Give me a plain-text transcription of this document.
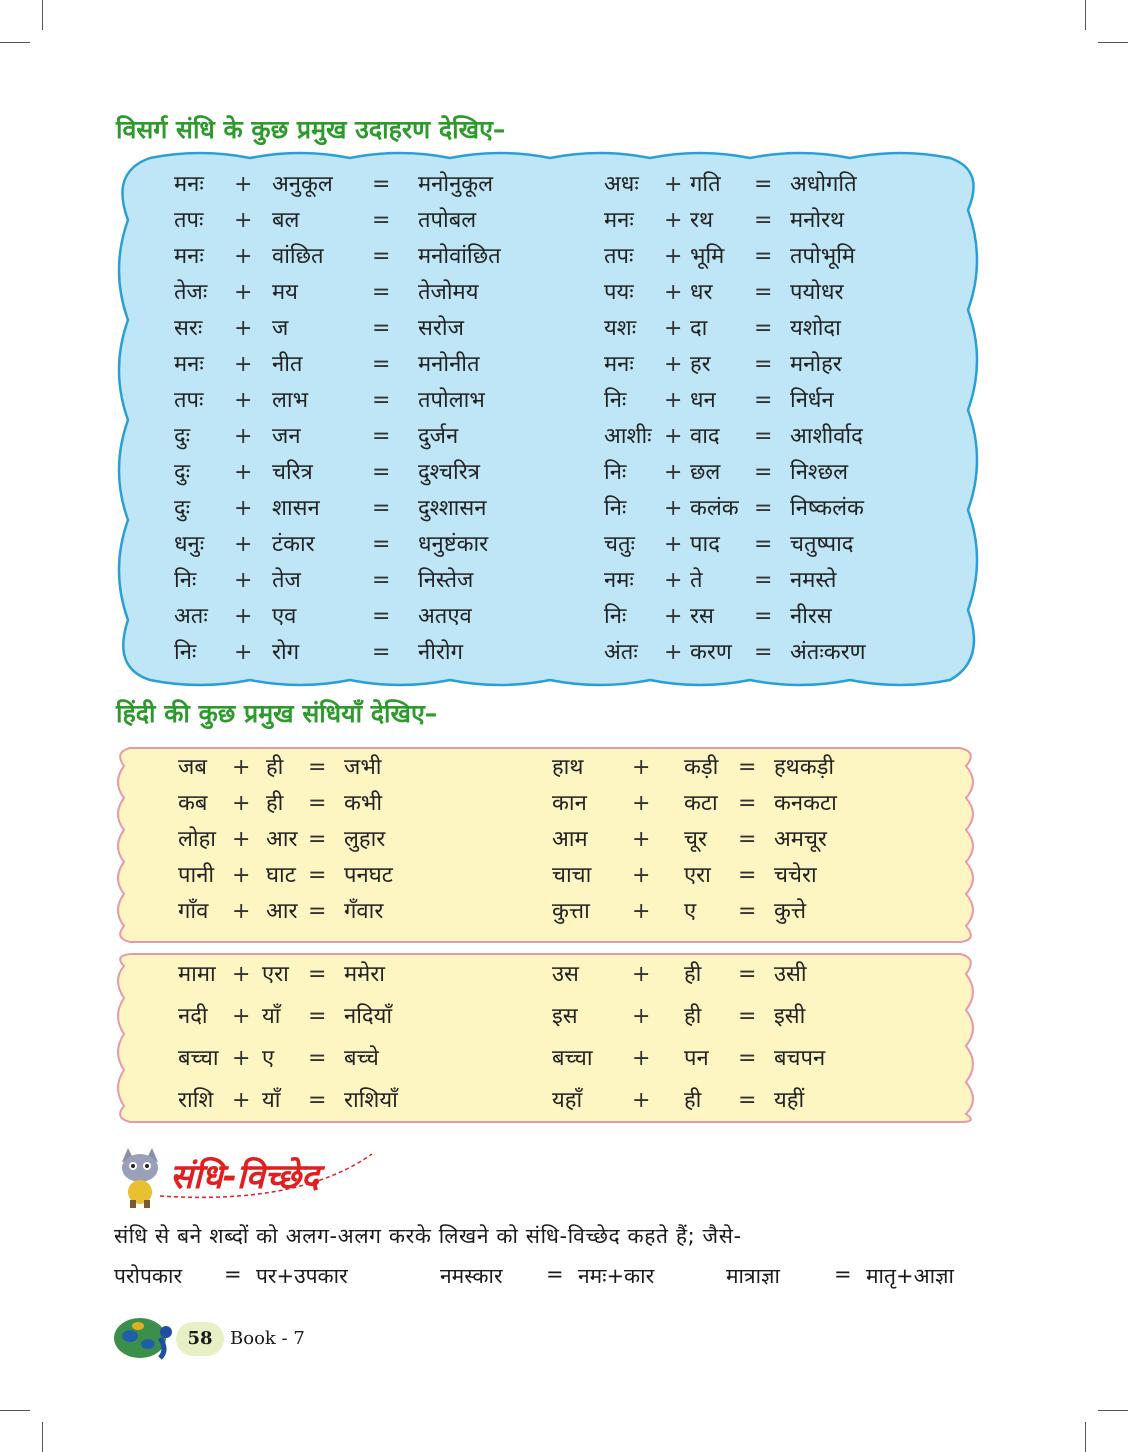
विसर्ग संधि के कुछ प्रमुख उदाहरण देखिए–
मनः + अनुकूल = मनोनुकूल	अधः + गति = अधोगति
तपः + बल	= तपोबल	मनः + रथ = मनोरथ
मनः + वांछित = मनोवांछित	तपः + भूमि = तपोभूमि
तेजः + मय	= तेजोमय	पयः + धर = पयोधर
सरः + ज	= सरोज	यशः + दा = यशोदा
मनः + नीत	= मनोनीत	मनः + हर = मनोहर
तपः + लाभ	= तपोलाभ	निः + धन = निर्धन
दुः + जन	= दुर्जन	आशीः + वाद = आशीर्वाद
दुः + चरित्र	= दुश्चरित्र	निः + छल = निश्छल
दुः + शासन = दुश्शासन	निः + कलंक = निष्कलंक
धनुः + टंकार	= धनुष्टंकार	चतुः + पाद = चतुष्पाद
निः + तेज	= निस्तेज	नमः + ते = नमस्ते
अतः + एव	= अतएव	निः + रस = नीरस
निः + रोग	= नीरोग	अंतः + करण = अंतःकरण
हिंदी की कुछ प्रमुख संधियाँ देखिए–
जब + ही = जभी	हाथ + कड़ी = हथकड़ी
कब + ही = कभी	कान + कटा = कनकटा
लोहा + आर = लुहार	आम + चूर = अमचूर
पानी + घाट = पनघट	चाचा + एरा = चचेरा
गाँव + आर = गँवार	कुत्ता + ए = कुत्ते
मामा + एरा = ममेरा	उस + ही = उसी
नदी + याँ = नदियाँ	इस + ही = इसी
बच्चा + ए = बच्चे	बच्चा + पन = बचपन
राशि + याँ = राशियाँ	यहाँ + ही = यहीं
संधि-विच्छेद

संधि से बने शब्दों को अलग-अलग करके लिखने को संधि-विच्छेद कहते हैं; जैसे-

परोपकार = पर+उपकार	नमस्कार = नमः+कार	मात्राज्ञा	= मातृ+आज्ञा
58 Book - 7
